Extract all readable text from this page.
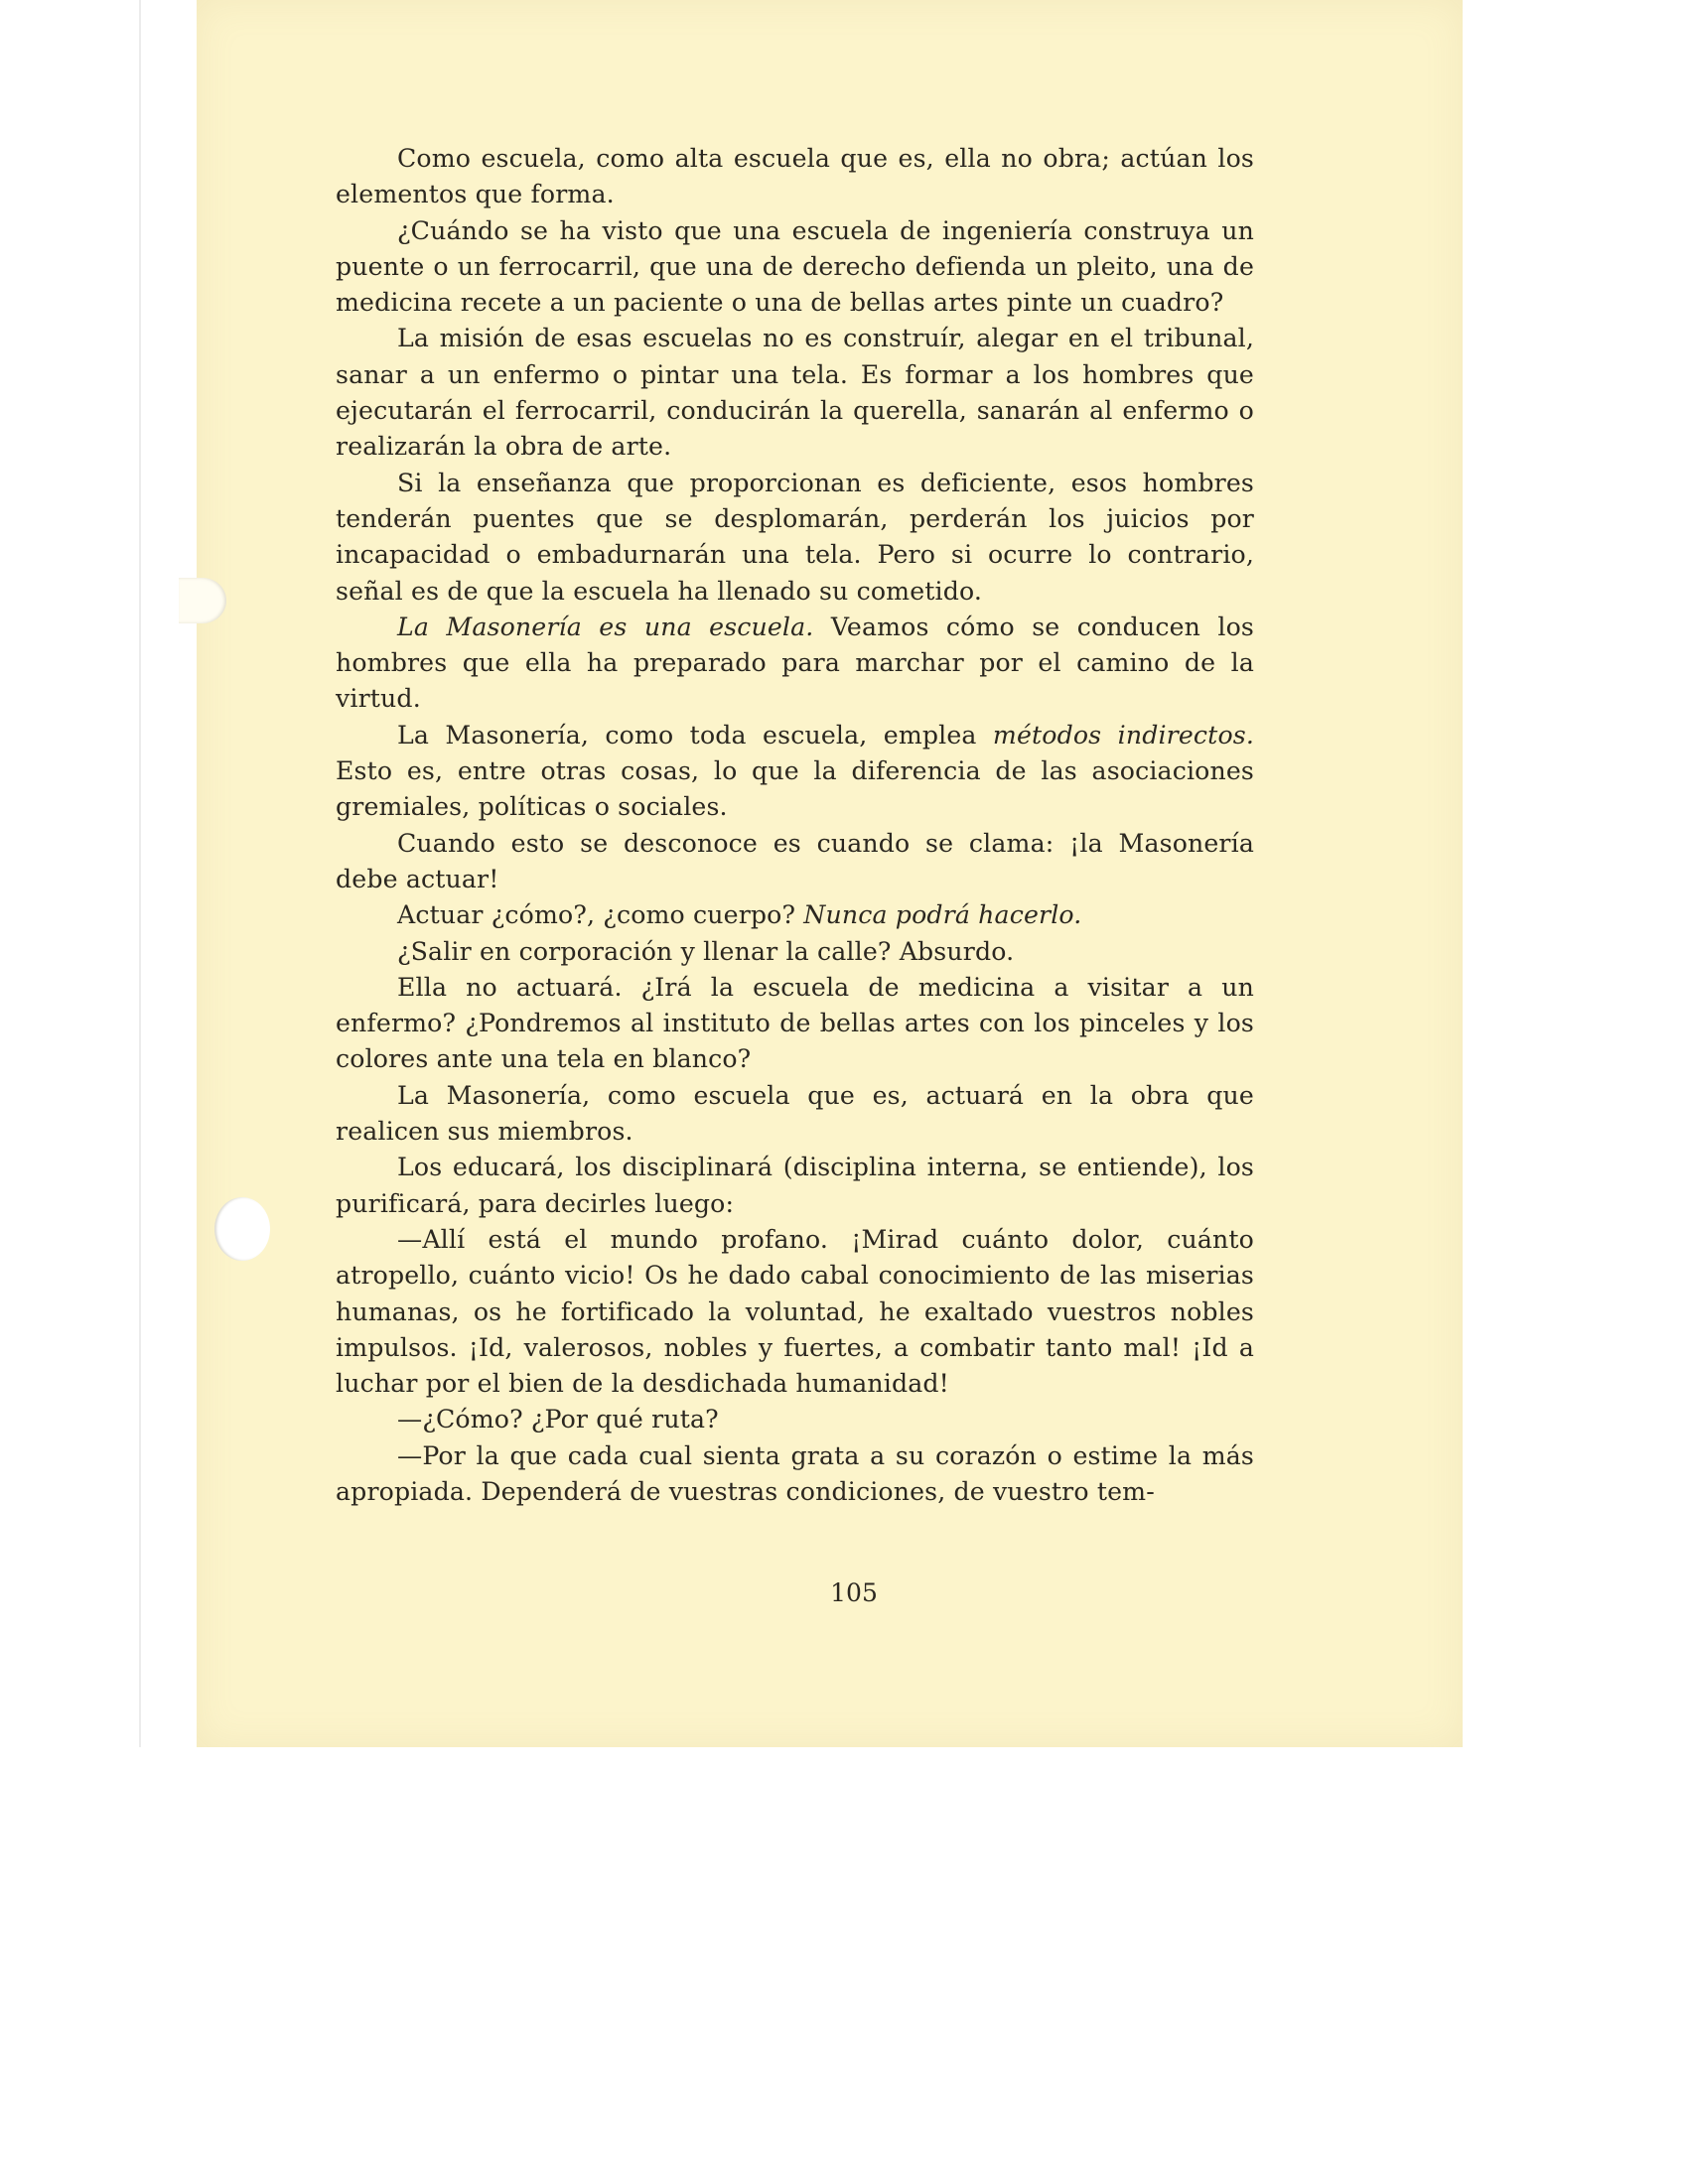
Como escuela, como alta escuela que es, ella no obra; actúan los elementos que forma.

¿Cuándo se ha visto que una escuela de ingeniería construya un puente o un ferrocarril, que una de derecho defienda un pleito, una de medicina recete a un paciente o una de bellas artes pinte un cuadro?

La misión de esas escuelas no es construír, alegar en el tribunal, sanar a un enfermo o pintar una tela. Es formar a los hombres que ejecutarán el ferrocarril, conducirán la querella, sanarán al enfermo o realizarán la obra de arte.

Si la enseñanza que proporcionan es deficiente, esos hombres tenderán puentes que se desplomarán, perderán los juicios por incapacidad o embadurnarán una tela. Pero si ocurre lo contrario, señal es de que la escuela ha llenado su cometido.

La Masonería es una escuela. Veamos cómo se conducen los hombres que ella ha preparado para marchar por el camino de la virtud.

La Masonería, como toda escuela, emplea métodos indirectos. Esto es, entre otras cosas, lo que la diferencia de las asociaciones gremiales, políticas o sociales.

Cuando esto se desconoce es cuando se clama: ¡la Masonería debe actuar!

Actuar ¿cómo?, ¿como cuerpo? Nunca podrá hacerlo.

¿Salir en corporación y llenar la calle? Absurdo.

Ella no actuará. ¿Irá la escuela de medicina a visitar a un enfermo? ¿Pondremos al instituto de bellas artes con los pinceles y los colores ante una tela en blanco?

La Masonería, como escuela que es, actuará en la obra que realicen sus miembros.

Los educará, los disciplinará (disciplina interna, se entiende), los purificará, para decirles luego:

—Allí está el mundo profano. ¡Mirad cuánto dolor, cuánto atropello, cuánto vicio! Os he dado cabal conocimiento de las miserias humanas, os he fortificado la voluntad, he exaltado vuestros nobles impulsos. ¡Id, valerosos, nobles y fuertes, a combatir tanto mal! ¡Id a luchar por el bien de la desdichada humanidad!

—¿Cómo? ¿Por qué ruta?

—Por la que cada cual sienta grata a su corazón o estime la más apropiada. Dependerá de vuestras condiciones, de vuestro tem-

105
